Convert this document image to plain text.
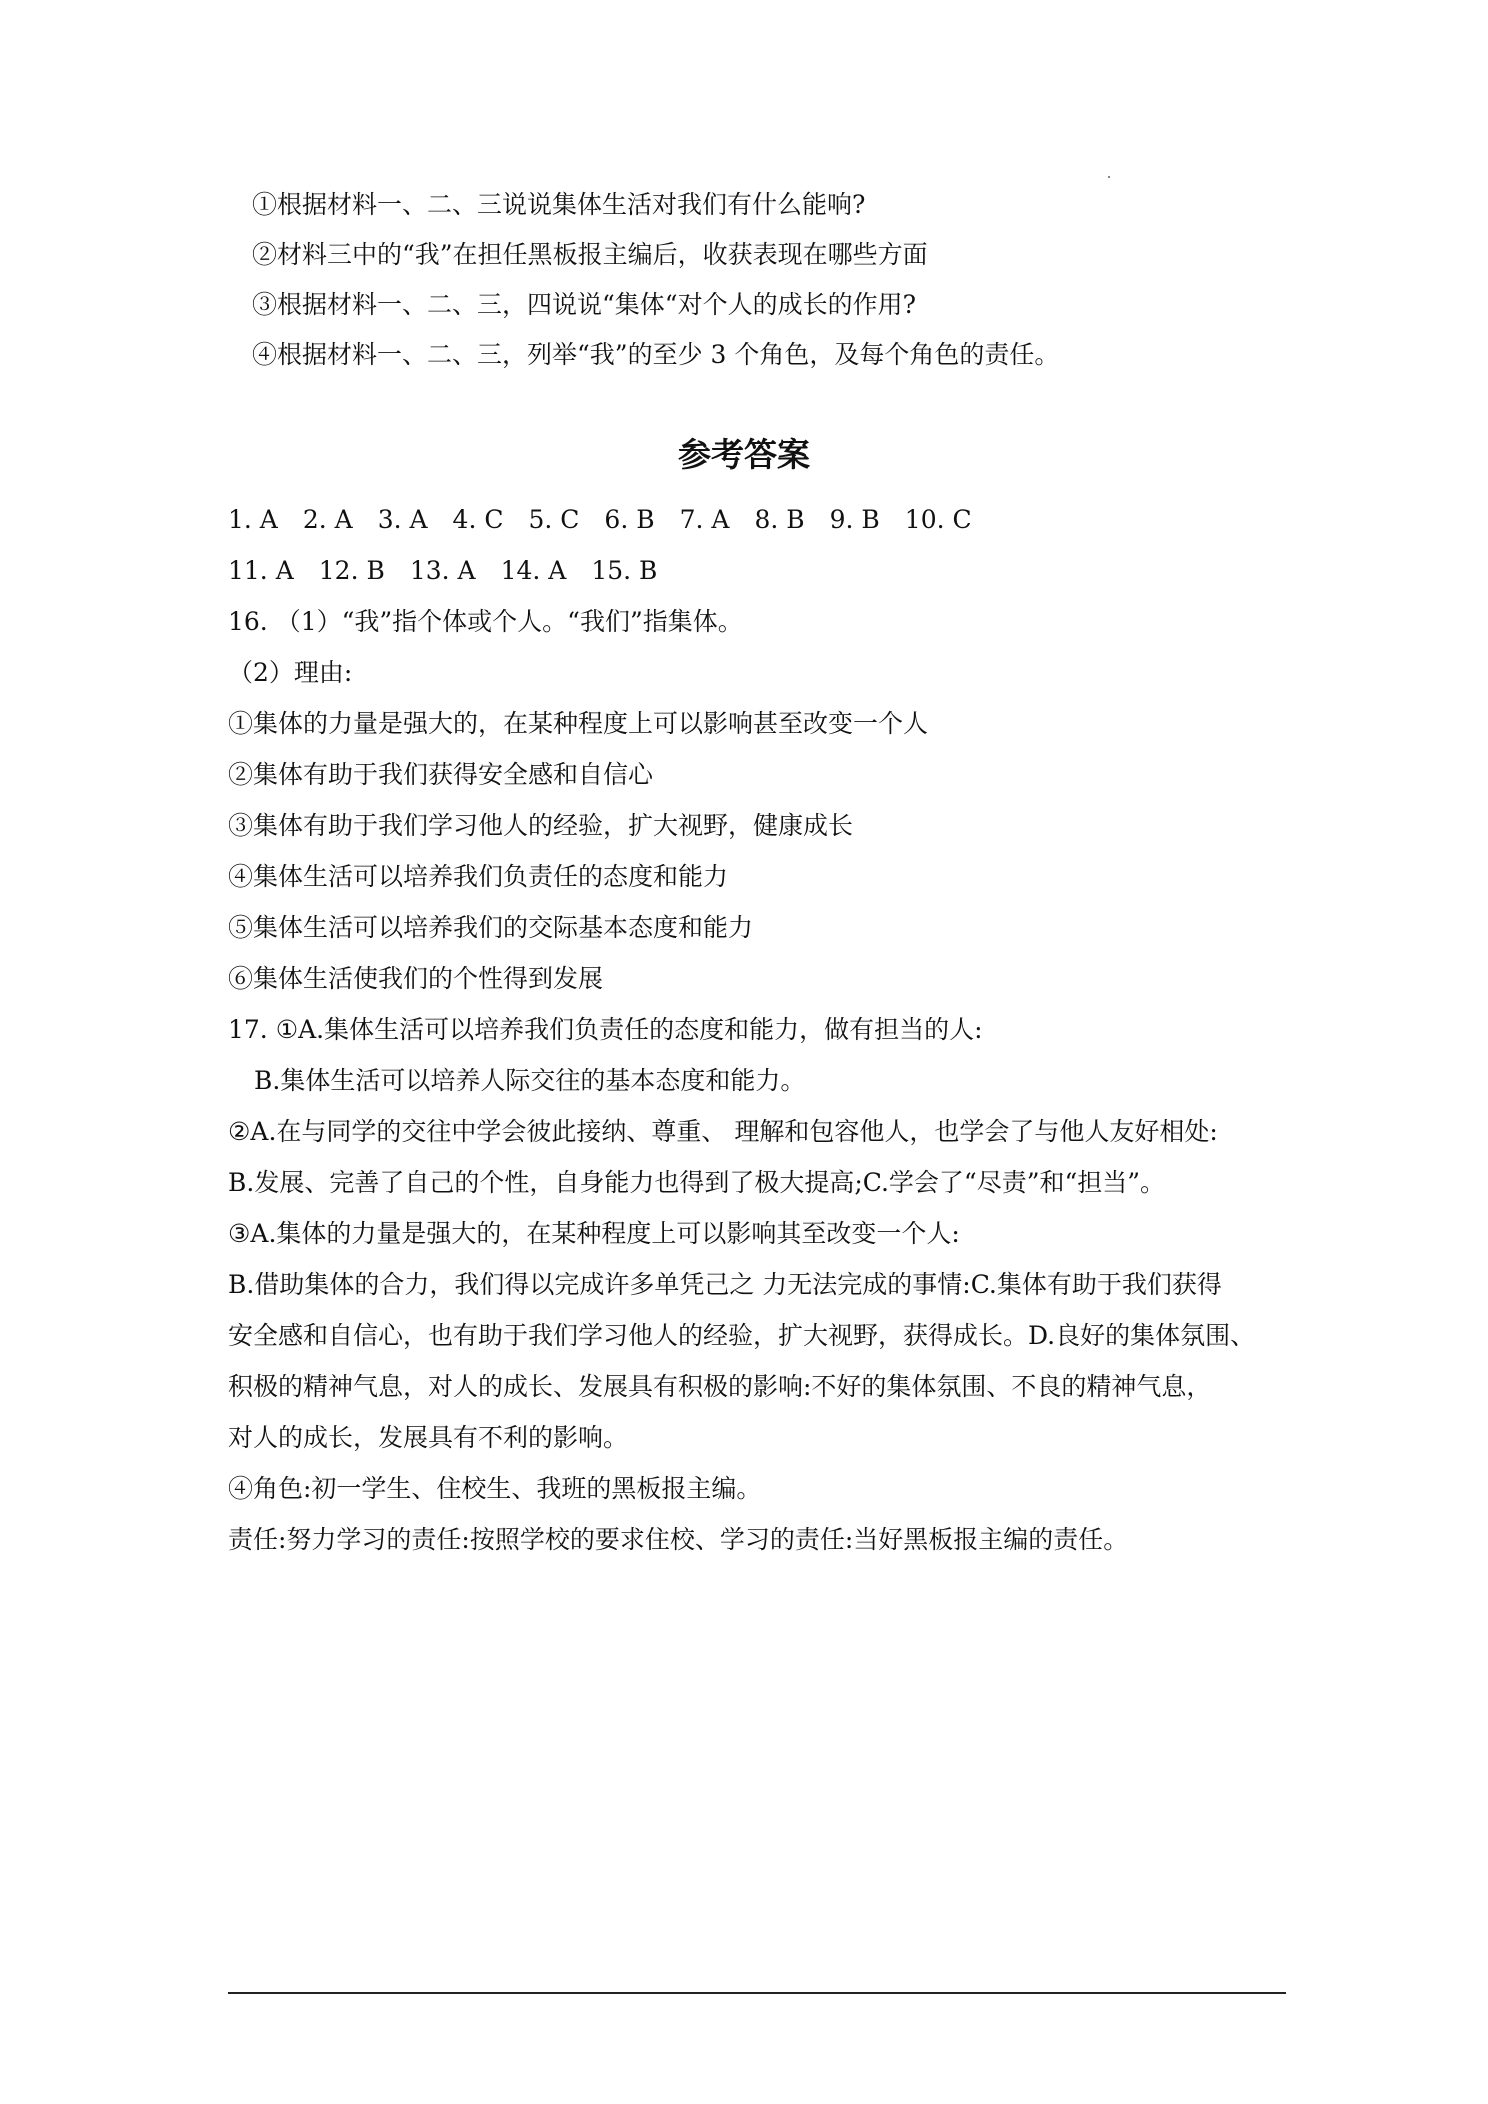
①根据材料一、二、三说说集体生活对我们有什么能响?
②材料三中的“我”在担任黑板报主编后，收获表现在哪些方面
③根据材料一、二、三，四说说“集体“对个人的成长的作用?
④根据材料一、二、三，列举“我”的至少 3 个角色，及每个角色的责任。
参考答案
1. A　2. A　3. A　4. C　5. C　6. B　7. A　8. B　9. B　10. C
11. A　12. B　13. A　14. A　15. B
16. （1）“我”指个体或个人。“我们”指集体。
（2）理由:
①集体的力量是强大的，在某种程度上可以影响甚至改变一个人
②集体有助于我们获得安全感和自信心
③集体有助于我们学习他人的经验，扩大视野，健康成长
④集体生活可以培养我们负责任的态度和能力
⑤集体生活可以培养我们的交际基本态度和能力
⑥集体生活使我们的个性得到发展
17. ①A.集体生活可以培养我们负责任的态度和能力，做有担当的人:
B.集体生活可以培养人际交往的基本态度和能力。
②A.在与同学的交往中学会彼此接纳、尊重、 理解和包容他人，也学会了与他人友好相处:
B.发展、完善了自己的个性，自身能力也得到了极大提高;C.学会了“尽责”和“担当”。
③A.集体的力量是强大的，在某种程度上可以影响其至改变一个人:
B.借助集体的合力，我们得以完成许多单凭己之 力无法完成的事情:C.集体有助于我们获得
安全感和自信心，也有助于我们学习他人的经验，扩大视野，获得成长。D.良好的集体氛围、
积极的精神气息，对人的成长、发展具有积极的影响:不好的集体氛围、不良的精神气息，
对人的成长，发展具有不利的影响。
④角色:初一学生、住校生、我班的黑板报主编。
责任:努力学习的责任:按照学校的要求住校、学习的责任:当好黑板报主编的责任。
